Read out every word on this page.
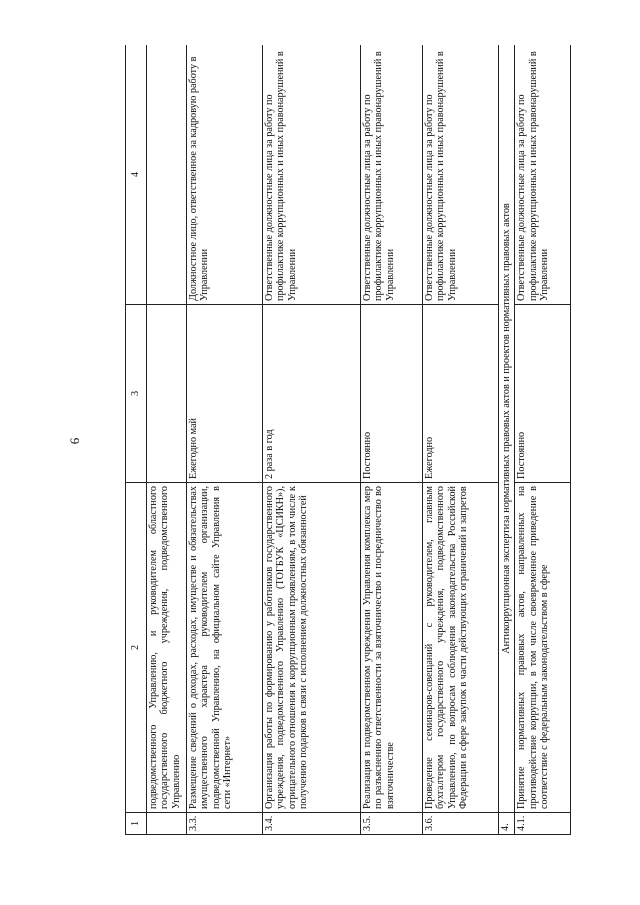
6
1	2	3	4
	подведомственного Управлению, и руководителем областного государственного бюджетного учреждения, подведомственного Управлению		
3.3.	Размещение сведений о доходах, расходах, имуществе и обязательствах имущественного характера руководителем организации, подведомственной Управлению, на официальном сайте Управления в сети «Интернет»	Ежегодно май	Должностное лицо, ответственное за кадровую работу в Управлении
3.4.	Организация работы по формированию у работников государственного учреждения, подведомственного Управлению (ТОГБУК «ЦСИКН»), отрицательного отношения к коррупционным проявлениям, в том числе к получению подарков в связи с исполнением должностных обязанностей	2 раза в год	Ответственные должностные лица за работу по профилактике коррупционных и иных правонарушений в Управлении
3.5.	Реализация в подведомственном учреждении Управления комплекса мер по разъяснению ответственности за взяточничество и посредничество во взяточничестве	Постоянно	Ответственные должностные лица за работу по профилактике коррупционных и иных правонарушений в Управлении
3.6.	Проведение семинаров-совещаний с руководителем, главным бухгалтером государственного учреждения, подведомственного Управлению, по вопросам соблюдения законодательства Российской Федерации в сфере закупок в части действующих ограничений и запретов	Ежегодно	Ответственные должностные лица за работу по профилактике коррупционных и иных правонарушений в Управлении
4.	Антикоррупционная экспертиза нормативных правовых актов и проектов нормативных правовых актов		
4.1.	Принятие нормативных правовых актов, направленных на противодействие коррупции, в том числе своевременное приведение в соответствие с федеральным законодательством в сфере	Постоянно	Ответственные должностные лица за работу по профилактике коррупционных и иных правонарушений в Управлении
